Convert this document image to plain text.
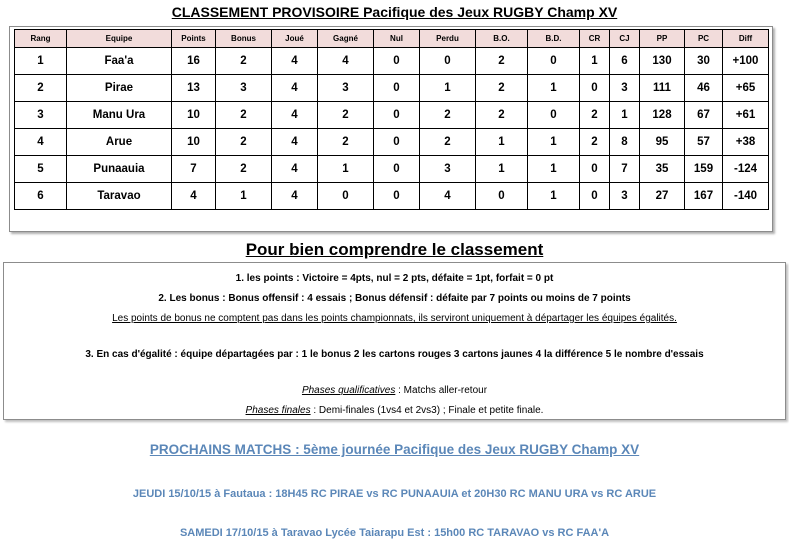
CLASSEMENT PROVISOIRE Pacifique des Jeux RUGBY Champ XV
Rang	Equipe	Points	Bonus	Joué	Gagné	Nul	Perdu	B.O.	B.D.	CR	CJ	PP	PC	Diff
1	Faa'a	16	2	4	4	0	0	2	0	1	6	130	30	+100
2	Pirae	13	3	4	3	0	1	2	1	0	3	111	46	+65
3	Manu Ura	10	2	4	2	0	2	2	0	2	1	128	67	+61
4	Arue	10	2	4	2	0	2	1	1	2	8	95	57	+38
5	Punaauia	7	2	4	1	0	3	1	1	0	7	35	159	-124
6	Taravao	4	1	4	0	0	4	0	1	0	3	27	167	-140
Pour bien comprendre le classement
1. les points : Victoire = 4pts, nul = 2 pts, défaite = 1pt, forfait = 0 pt
2. Les bonus : Bonus offensif : 4 essais ; Bonus défensif : défaite par 7 points ou moins de 7 points
Les points de bonus ne comptent pas dans les points championnats, ils serviront uniquement à départager les équipes égalités.
3. En cas d'égalité : équipe départagées par : 1 le bonus 2 les cartons rouges 3 cartons jaunes 4 la différence 5 le nombre d'essais
Phases qualificatives : Matchs aller-retour
Phases finales : Demi-finales (1vs4 et 2vs3) ; Finale et petite finale.
PROCHAINS MATCHS : 5ème journée Pacifique des Jeux RUGBY Champ XV
JEUDI 15/10/15 à Fautaua : 18H45 RC PIRAE vs RC PUNAAUIA et 20H30 RC MANU URA vs RC ARUE
SAMEDI 17/10/15 à Taravao Lycée Taiarapu Est : 15h00 RC TARAVAO vs RC FAA'A
